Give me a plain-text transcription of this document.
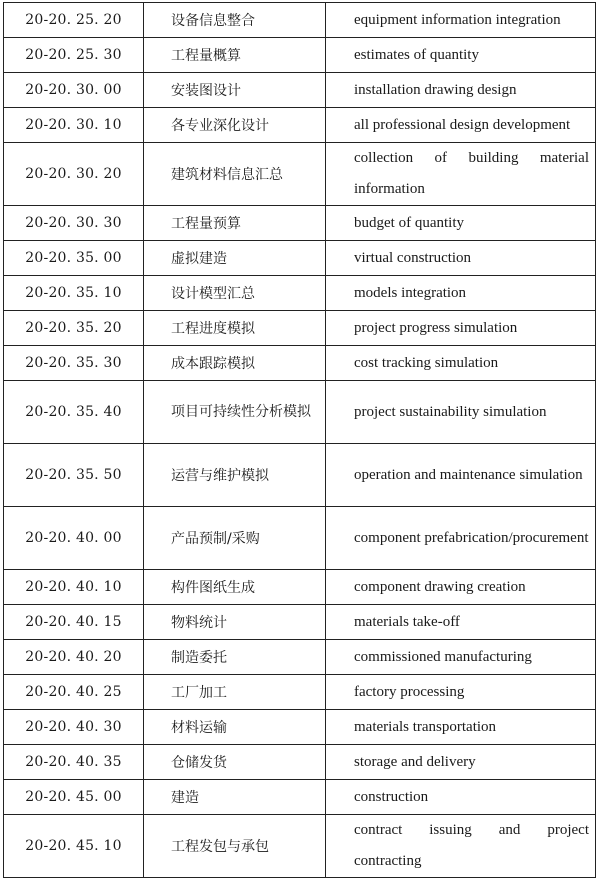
20-20. 25. 20	设备信息整合	equipment information integration

20-20. 25. 30	工程量概算	estimates of quantity

20-20. 30. 00	安装图设计	installation drawing design

20-20. 30. 10	各专业深化设计	all professional design development

20-20. 30. 20	建筑材料信息汇总	collection of building material information

20-20. 30. 30	工程量预算	budget of quantity

20-20. 35. 00	虚拟建造	virtual construction

20-20. 35. 10	设计模型汇总	models integration

20-20. 35. 20	工程进度模拟	project progress simulation

20-20. 35. 30	成本跟踪模拟	cost tracking simulation

20-20. 35. 40	项目可持续性分析模拟	project sustainability simulation

20-20. 35. 50	运营与维护模拟	operation and maintenance simulation

20-20. 40. 00	产品预制/采购	component prefabrication/procurement

20-20. 40. 10	构件图纸生成	component drawing creation

20-20. 40. 15	物料统计	materials take-off

20-20. 40. 20	制造委托	commissioned manufacturing

20-20. 40. 25	工厂加工	factory processing

20-20. 40. 30	材料运输	materials transportation

20-20. 40. 35	仓储发货	storage and delivery

20-20. 45. 00	建造	construction

20-20. 45. 10	工程发包与承包	contract issuing and project contracting
